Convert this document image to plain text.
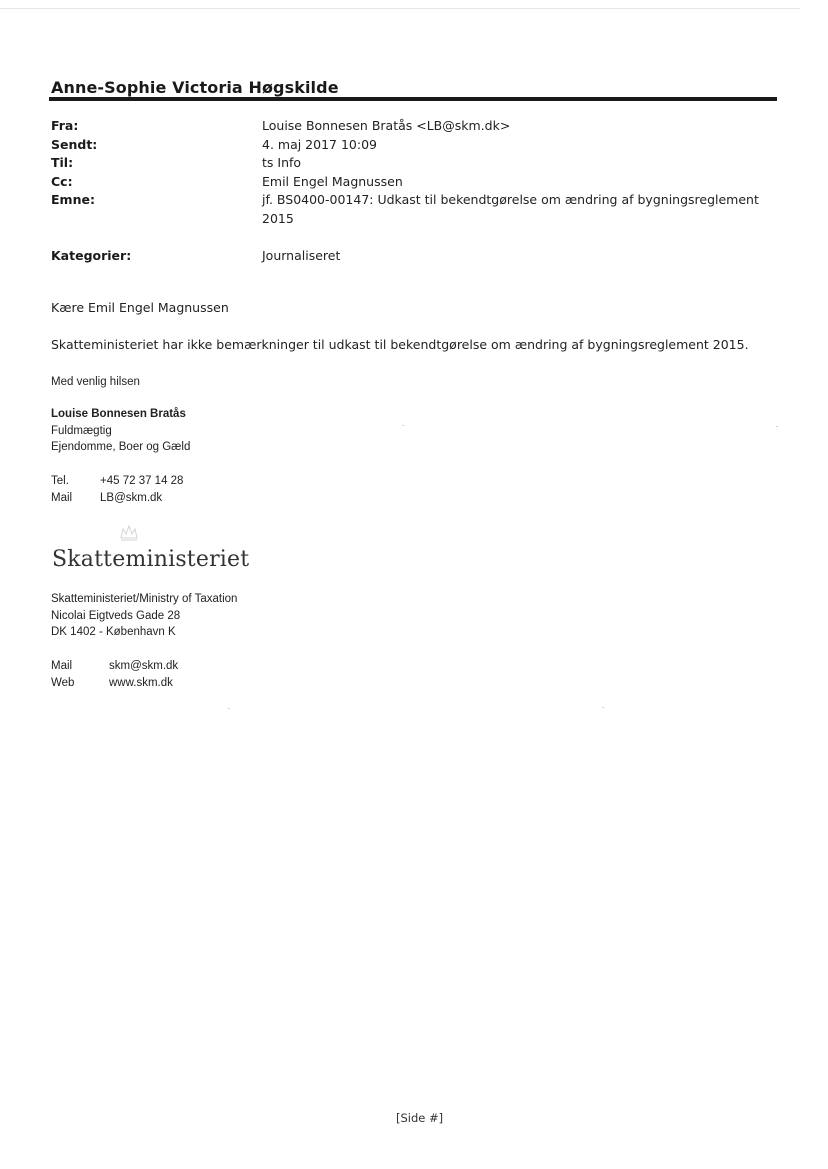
Anne-Sophie Victoria Høgskilde
Fra:	Louise Bonnesen Bratås <LB@skm.dk>
Sendt:	4. maj 2017 10:09
Til:	ts Info
Cc:	Emil Engel Magnussen
Emne:	jf. BS0400-00147: Udkast til bekendtgørelse om ændring af bygningsreglement 2015
Kategorier:	Journaliseret
Kære Emil Engel Magnussen
Skatteministeriet har ikke bemærkninger til udkast til bekendtgørelse om ændring af bygningsreglement 2015.
Med venlig hilsen
Louise Bonnesen Bratås
Fuldmægtig
Ejendomme, Boer og Gæld
Tel.	+45 72 37 14 28
Mail	LB@skm.dk
Skatteministeriet
Skatteministeriet/Ministry of Taxation
Nicolai Eigtveds Gade 28
DK 1402 - København K
Mail	skm@skm.dk
Web	www.skm.dk
[Side #]
